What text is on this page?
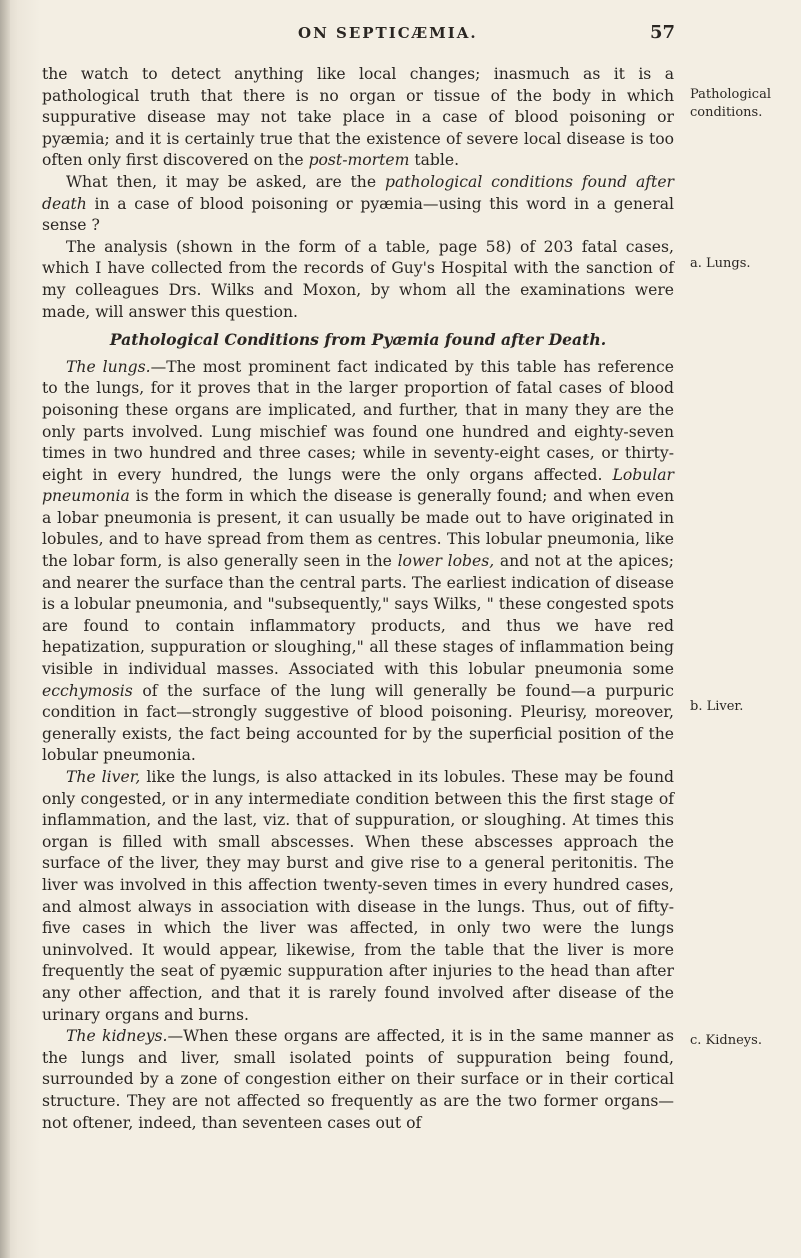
ON SEPTICÆMIA.	57

the watch to detect anything like local changes; inasmuch as it is a pathological truth that there is no organ or tissue of the body in which suppurative disease may not take place in a case of blood poisoning or pyæmia; and it is certainly true that the existence of severe local disease is too often only first discovered on the post-mortem table.

What then, it may be asked, are the pathological conditions found after death in a case of blood poisoning or pyæmia—using this word in a general sense ?

The analysis (shown in the form of a table, page 58) of 203 fatal cases, which I have collected from the records of Guy's Hospital with the sanction of my colleagues Drs. Wilks and Moxon, by whom all the examinations were made, will answer this question.

Pathological Conditions from Pyæmia found after Death.

The lungs.—The most prominent fact indicated by this table has reference to the lungs, for it proves that in the larger proportion of fatal cases of blood poisoning these organs are implicated, and further, that in many they are the only parts involved. Lung mischief was found one hundred and eighty-seven times in two hundred and three cases; while in seventy-eight cases, or thirty-eight in every hundred, the lungs were the only organs affected. Lobular pneumonia is the form in which the disease is generally found; and when even a lobar pneumonia is present, it can usually be made out to have originated in lobules, and to have spread from them as centres. This lobular pneumonia, like the lobar form, is also generally seen in the lower lobes, and not at the apices; and nearer the surface than the central parts. The earliest indication of disease is a lobular pneumonia, and "subsequently," says Wilks, " these congested spots are found to contain inflammatory products, and thus we have red hepatization, suppuration or sloughing," all these stages of inflammation being visible in individual masses. Associated with this lobular pneumonia some ecchymosis of the surface of the lung will generally be found—a purpuric condition in fact—strongly suggestive of blood poisoning. Pleurisy, moreover, generally exists, the fact being accounted for by the superficial position of the lobular pneumonia.

The liver, like the lungs, is also attacked in its lobules. These may be found only congested, or in any intermediate condition between this the first stage of inflammation, and the last, viz. that of suppuration, or sloughing. At times this organ is filled with small abscesses. When these abscesses approach the surface of the liver, they may burst and give rise to a general peritonitis. The liver was involved in this affection twenty-seven times in every hundred cases, and almost always in association with disease in the lungs. Thus, out of fifty-five cases in which the liver was affected, in only two were the lungs uninvolved. It would appear, likewise, from the table that the liver is more frequently the seat of pyæmic suppuration after injuries to the head than after any other affection, and that it is rarely found involved after disease of the urinary organs and burns.

The kidneys.—When these organs are affected, it is in the same manner as the lungs and liver, small isolated points of suppuration being found, surrounded by a zone of congestion either on their surface or in their cortical structure. They are not affected so frequently as are the two former organs—not oftener, indeed, than seventeen cases out of

Pathological
conditions.
a. Lungs.
b. Liver.
c. Kidneys.
